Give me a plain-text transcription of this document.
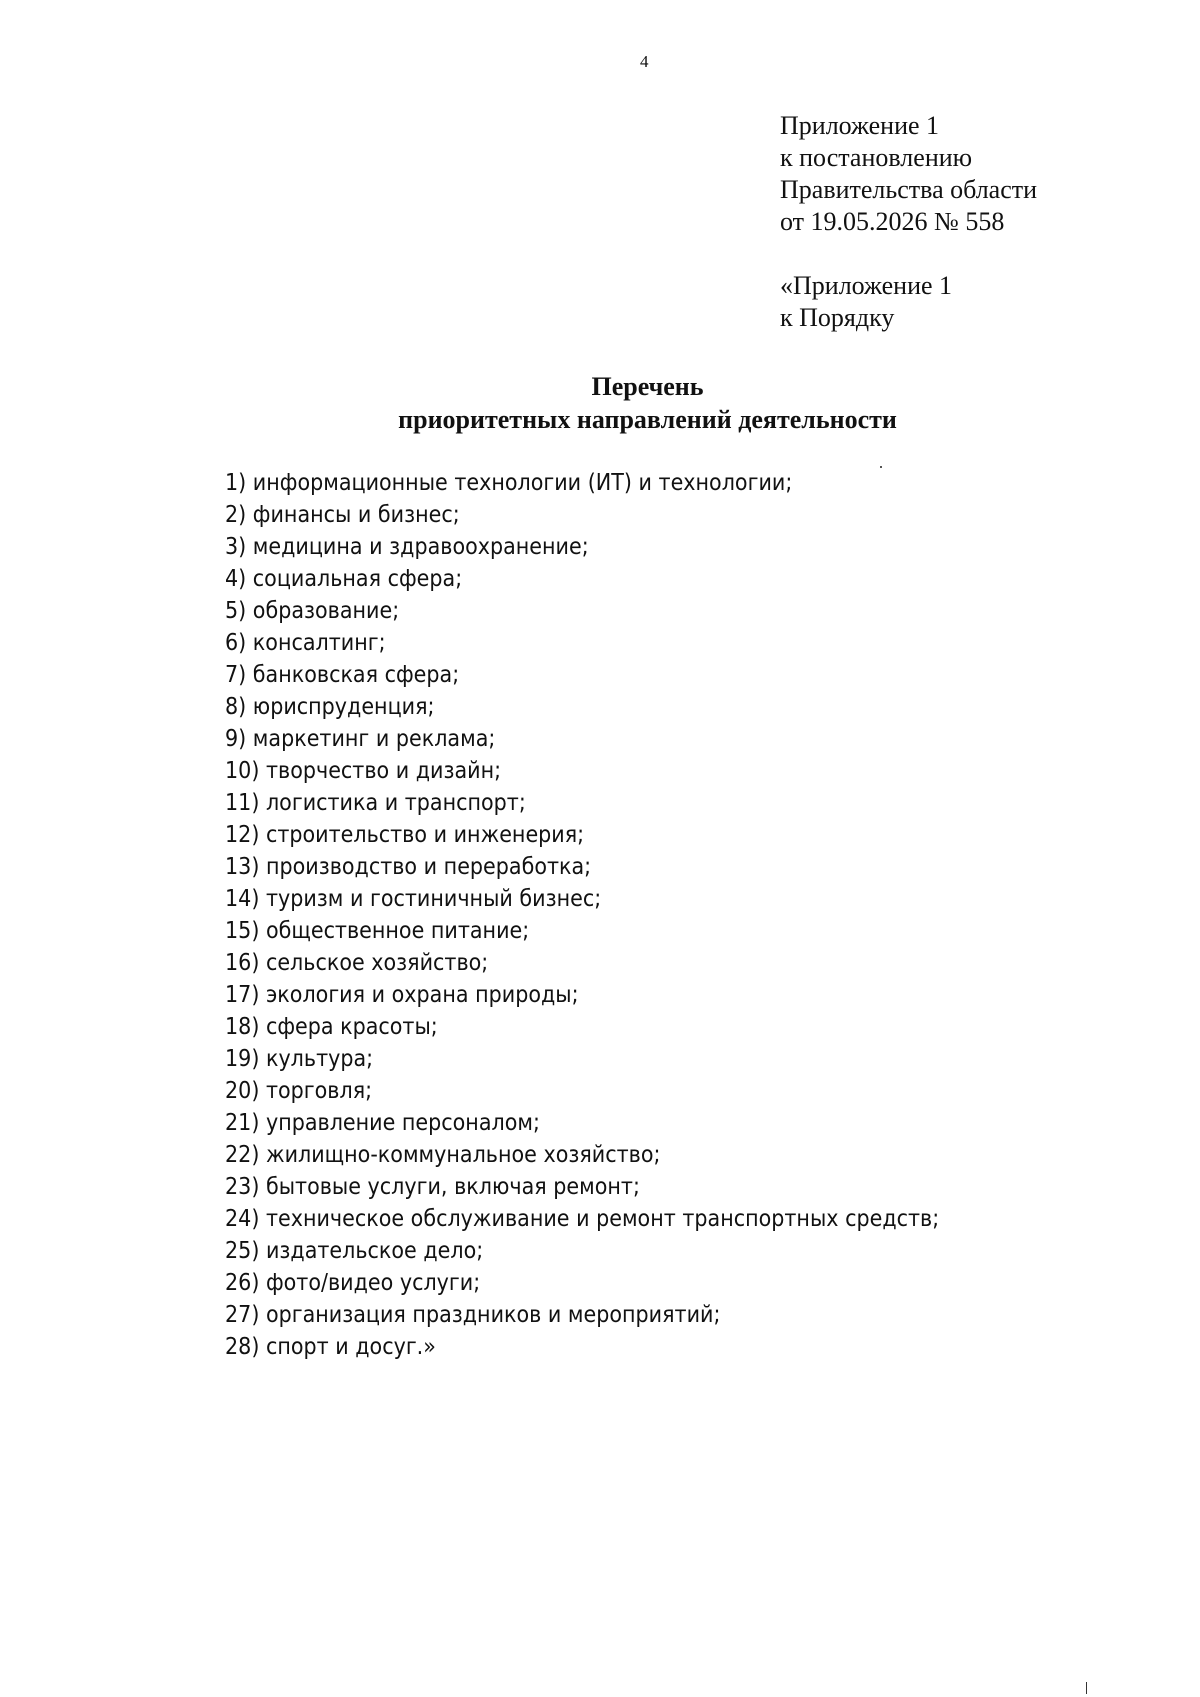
4
Приложение 1
к постановлению
Правительства области
от 19.05.2026 № 558
«Приложение 1
к Порядку
Перечень
приоритетных направлений деятельности
1) информационные технологии (ИТ) и технологии;
2) финансы и бизнес;
3) медицина и здравоохранение;
4) социальная сфера;
5) образование;
6) консалтинг;
7) банковская сфера;
8) юриспруденция;
9) маркетинг и реклама;
10) творчество и дизайн;
11) логистика и транспорт;
12) строительство и инженерия;
13) производство и переработка;
14) туризм и гостиничный бизнес;
15) общественное питание;
16) сельское хозяйство;
17) экология и охрана природы;
18) сфера красоты;
19) культура;
20) торговля;
21) управление персоналом;
22) жилищно-коммунальное хозяйство;
23) бытовые услуги, включая ремонт;
24) техническое обслуживание и ремонт транспортных средств;
25) издательское дело;
26) фото/видео услуги;
27) организация праздников и мероприятий;
28) спорт и досуг.»
